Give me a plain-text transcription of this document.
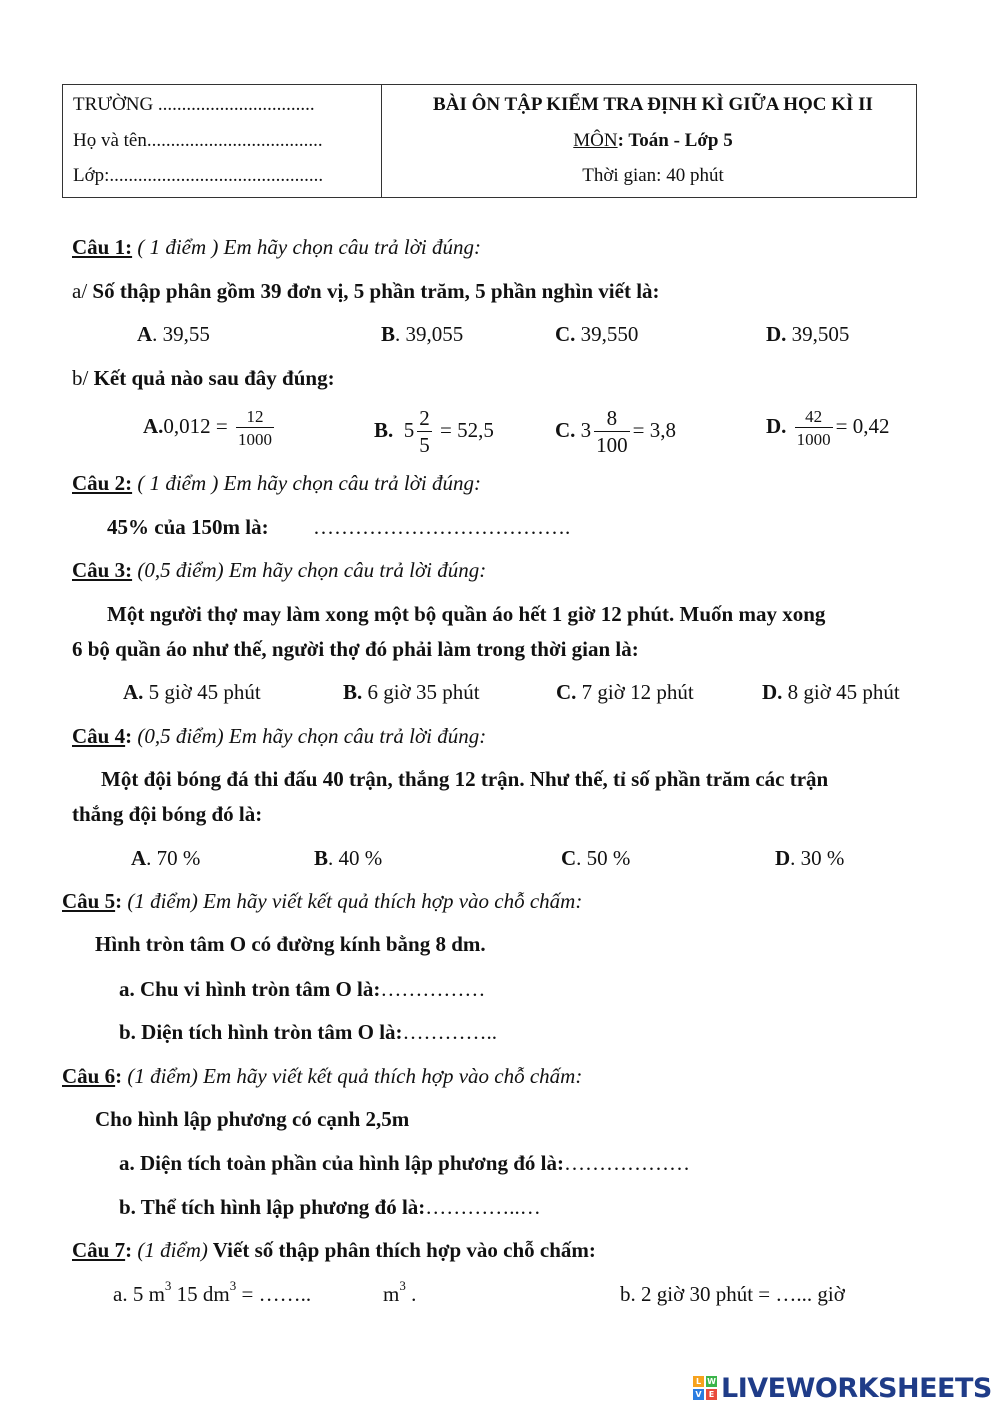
TRƯỜNG .................................
Họ và tên.....................................
Lớp:.............................................
BÀI ÔN TẬP KIỂM TRA ĐỊNH KÌ GIỮA HỌC KÌ II
MÔN: Toán - Lớp 5
Thời gian: 40 phút
Câu 1: ( 1 điểm ) Em hãy chọn câu trả lời đúng:
a/ Số thập phân gồm 39 đơn vị, 5 phần trăm, 5 phần nghìn viết là:
A. 39,55	B. 39,055	C. 39,550	D. 39,505
b/ Kết quả nào sau đây đúng:
$A.0,012 = \frac{12}{1000}$	B. $5 \frac{2}{5} = 52,5$	C. $3 \frac{8}{100} = 3,8$	D. $\frac{42}{1000} = 0,42$
Câu 2: ( 1 điểm ) Em hãy chọn câu trả lời đúng:
45% của 150m là: ……………………………….
Câu 3: (0,5 điểm) Em hãy chọn câu trả lời đúng:
Một người thợ may làm xong một bộ quần áo hết 1 giờ 12 phút. Muốn may xong
6 bộ quần áo như thế, người thợ đó phải làm trong thời gian là:
A. 5 giờ 45 phút	B. 6 giờ 35 phút	C. 7 giờ 12 phút	D. 8 giờ 45 phút
Câu 4: (0,5 điểm) Em hãy chọn câu trả lời đúng:
Một đội bóng đá thi đấu 40 trận, thắng 12 trận. Như thế, tỉ số phần trăm các trận
thắng đội bóng đó là:
A. 70 %	B. 40 %	C. 50 %	D. 30 %
Câu 5: (1 điểm) Em hãy viết kết quả thích hợp vào chỗ chấm:
Hình tròn tâm O có đường kính bằng 8 dm.
a. Chu vi hình tròn tâm O là:……………
b. Diện tích hình tròn tâm O là:…………..
Câu 6: (1 điểm) Em hãy viết kết quả thích hợp vào chỗ chấm:
Cho hình lập phương có cạnh 2,5m
a. Diện tích toàn phần của hình lập phương đó là:………………
b. Thể tích hình lập phương đó là:…………..…
Câu 7: (1 điểm) Viết số thập phân thích hợp vào chỗ chấm:
a. 5 $m^3$ 15 $dm^3$ = ……..	$m^3$ .	b. 2 giờ 30 phút = …... giờ
L W
V E LIVEWORKSHEETS
